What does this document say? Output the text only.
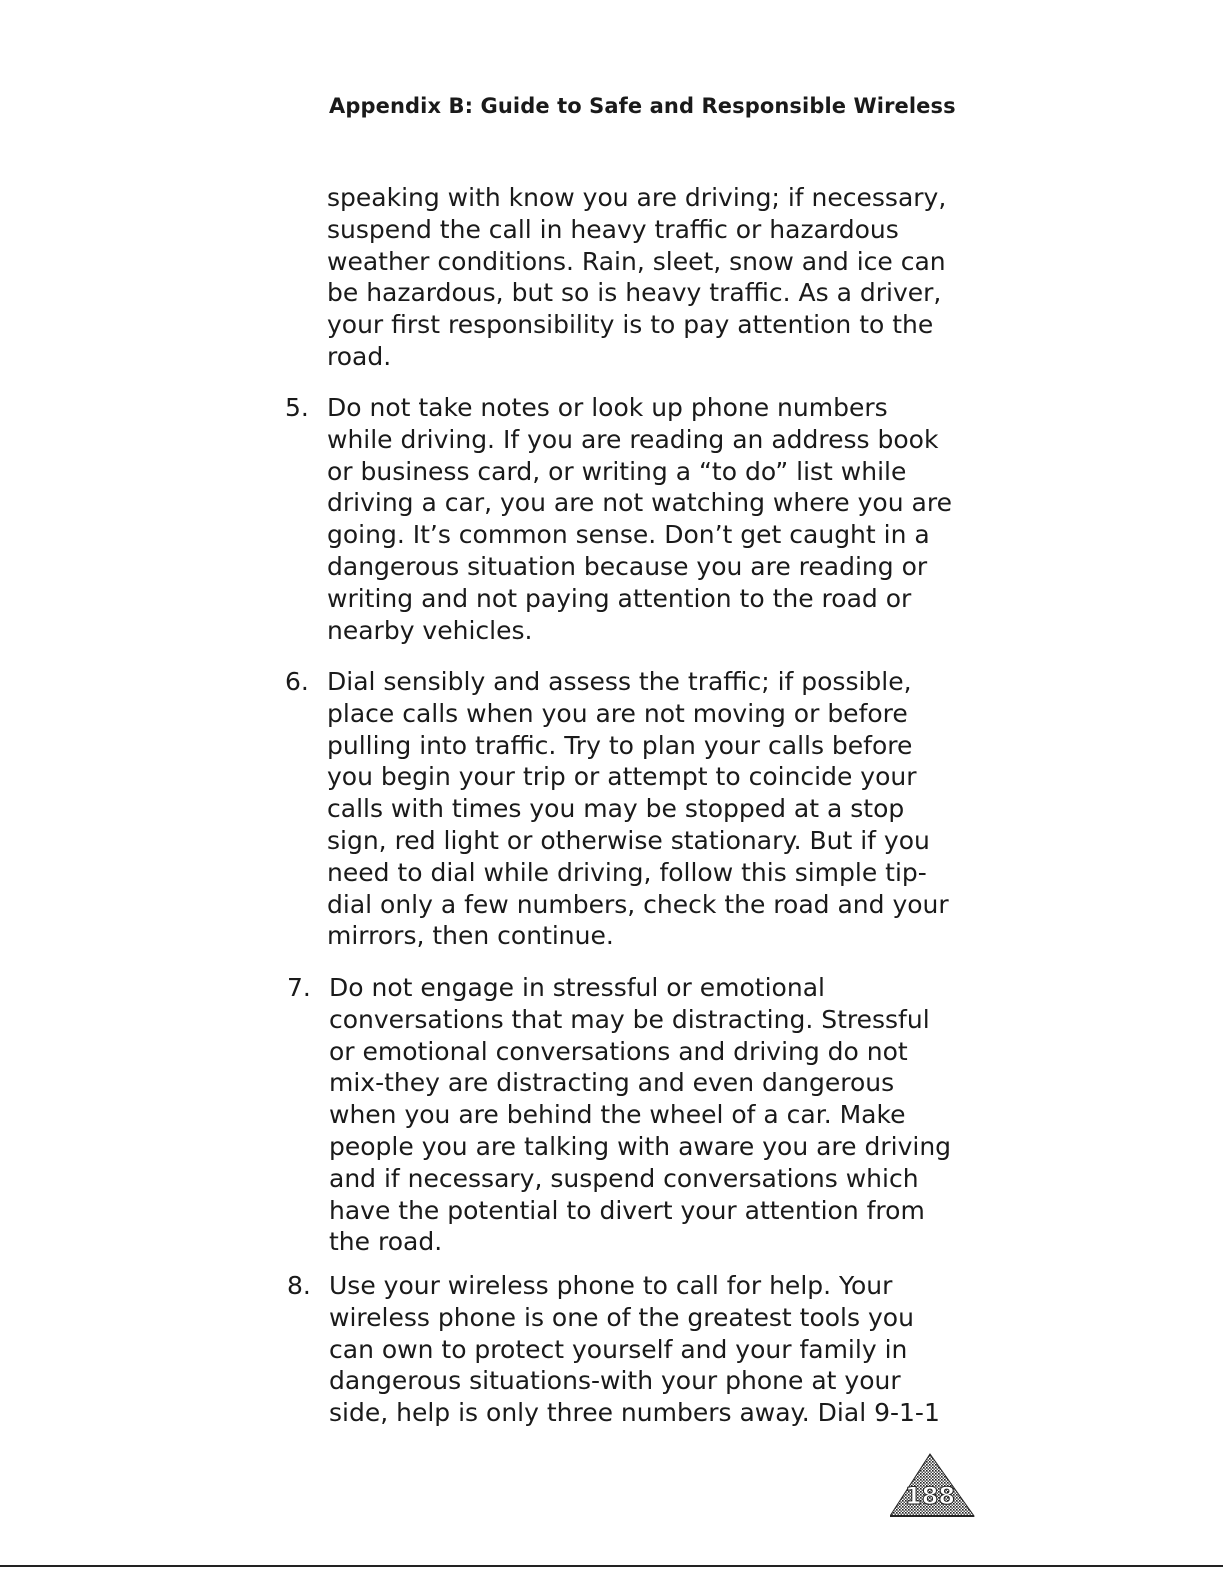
Appendix B: Guide to Safe and Responsible Wireless
speaking with know you are driving; if necessary,
suspend the call in heavy traffic or hazardous
weather conditions. Rain, sleet, snow and ice can
be hazardous, but so is heavy traffic. As a driver,
your first responsibility is to pay attention to the
road.
5. Do not take notes or look up phone numbers
while driving. If you are reading an address book
or business card, or writing a “to do” list while
driving a car, you are not watching where you are
going. It’s common sense. Don’t get caught in a
dangerous situation because you are reading or
writing and not paying attention to the road or
nearby vehicles.
6. Dial sensibly and assess the traffic; if possible,
place calls when you are not moving or before
pulling into traffic. Try to plan your calls before
you begin your trip or attempt to coincide your
calls with times you may be stopped at a stop
sign, red light or otherwise stationary. But if you
need to dial while driving, follow this simple tip-
dial only a few numbers, check the road and your
mirrors, then continue.
7. Do not engage in stressful or emotional
conversations that may be distracting. Stressful
or emotional conversations and driving do not
mix-they are distracting and even dangerous
when you are behind the wheel of a car. Make
people you are talking with aware you are driving
and if necessary, suspend conversations which
have the potential to divert your attention from
the road.
8. Use your wireless phone to call for help. Your
wireless phone is one of the greatest tools you
can own to protect yourself and your family in
dangerous situations-with your phone at your
side, help is only three numbers away. Dial 9-1-1
188
